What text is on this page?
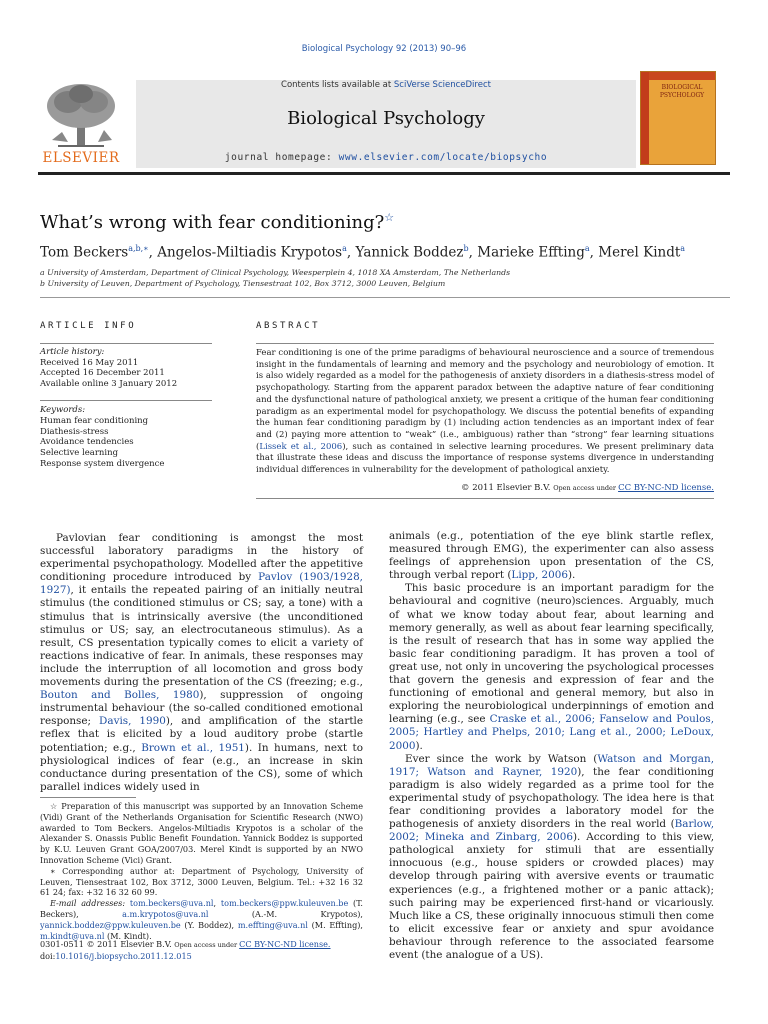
Biological Psychology 92 (2013) 90–96
ELSEVIER
Contents lists available at SciVerse ScienceDirect
Biological Psychology
journal homepage: www.elsevier.com/locate/biopsycho
BIOLOGICAL PSYCHOLOGY
What’s wrong with fear conditioning?☆
Tom Beckers$^{a,b,∗}$, Angelos-Miltiadis Krypotos$^a$, Yannick Boddez$^b$, Marieke Effting$^a$, Merel Kindt$^a$
a University of Amsterdam, Department of Clinical Psychology, Weesperplein 4, 1018 XA Amsterdam, The Netherlands
b University of Leuven, Department of Psychology, Tiensestraat 102, Box 3712, 3000 Leuven, Belgium
ARTICLE INFO	ABSTRACT
Article history:
Received 16 May 2011
Accepted 16 December 2011
Available online 3 January 2012
Keywords:
Human fear conditioning
Diathesis-stress
Avoidance tendencies
Selective learning
Response system divergence
Fear conditioning is one of the prime paradigms of behavioural neuroscience and a source of tremendous insight in the fundamentals of learning and memory and the psychology and neurobiology of emotion. It is also widely regarded as a model for the pathogenesis of anxiety disorders in a diathesis-stress model of psychopathology. Starting from the apparent paradox between the adaptive nature of fear conditioning and the dysfunctional nature of pathological anxiety, we present a critique of the human fear conditioning paradigm as an experimental model for psychopathology. We discuss the potential benefits of expanding the human fear conditioning paradigm by (1) including action tendencies as an important index of fear and (2) paying more attention to “weak” (i.e., ambiguous) rather than “strong” fear learning situations (Lissek et al., 2006), such as contained in selective learning procedures. We present preliminary data that illustrate these ideas and discuss the importance of response systems divergence in understanding individual differences in vulnerability for the development of pathological anxiety.
© 2011 Elsevier B.V. Open access under CC BY-NC-ND license.
Pavlovian fear conditioning is amongst the most successful laboratory paradigms in the history of experimental psychopathology. Modelled after the appetitive conditioning procedure introduced by Pavlov (1903/1928, 1927), it entails the repeated pairing of an initially neutral stimulus (the conditioned stimulus or CS; say, a tone) with a stimulus that is intrinsically aversive (the unconditioned stimulus or US; say, an electrocutaneous stimulus). As a result, CS presentation typically comes to elicit a variety of reactions indicative of fear. In animals, these responses may include the interruption of all locomotion and gross body movements during the presentation of the CS (freezing; e.g., Bouton and Bolles, 1980), suppression of ongoing instrumental behaviour (the so-called conditioned emotional response; Davis, 1990), and amplification of the startle reflex that is elicited by a loud auditory probe (startle potentiation; e.g., Brown et al., 1951). In humans, next to physiological indices of fear (e.g., an increase in skin conductance during presentation of the CS), some of which parallel indices widely used in

animals (e.g., potentiation of the eye blink startle reflex, measured through EMG), the experimenter can also assess feelings of apprehension upon presentation of the CS, through verbal report (Lipp, 2006).

This basic procedure is an important paradigm for the behavioural and cognitive (neuro)sciences. Arguably, much of what we know today about fear, about learning and memory generally, as well as about fear learning specifically, is the result of research that has in some way applied the basic fear conditioning paradigm. It has proven a tool of great use, not only in uncovering the psychological processes that govern the genesis and expression of fear and the functioning of emotional and general memory, but also in exploring the neurobiological underpinnings of emotion and learning (e.g., see Craske et al., 2006; Fanselow and Poulos, 2005; Hartley and Phelps, 2010; Lang et al., 2000; LeDoux, 2000).

Ever since the work by Watson (Watson and Morgan, 1917; Watson and Rayner, 1920), the fear conditioning paradigm is also widely regarded as a prime tool for the experimental study of psychopathology. The idea here is that fear conditioning provides a laboratory model for the pathogenesis of anxiety disorders in the real world (Barlow, 2002; Mineka and Zinbarg, 2006). According to this view, pathological anxiety for stimuli that are essentially innocuous (e.g., house spiders or crowded places) may develop through pairing with aversive events or traumatic experiences (e.g., a frightened mother or a panic attack); such pairing may be experienced first-hand or vicariously. Much like a CS, these originally innocuous stimuli then come to elicit excessive fear or anxiety and spur avoidance behaviour through reference to the associated fearsome event (the analogue of a US).

☆ Preparation of this manuscript was supported by an Innovation Scheme (Vidi) Grant of the Netherlands Organisation for Scientific Research (NWO) awarded to Tom Beckers. Angelos-Miltiadis Krypotos is a scholar of the Alexander S. Onassis Public Benefit Foundation. Yannick Boddez is supported by K.U. Leuven Grant GOA/2007/03. Merel Kindt is supported by an NWO Innovation Scheme (Vici) Grant.

∗ Corresponding author at: Department of Psychology, University of Leuven, Tiensestraat 102, Box 3712, 3000 Leuven, Belgium. Tel.: +32 16 32 61 24; fax: +32 16 32 60 99.

E-mail addresses: tom.beckers@uva.nl, tom.beckers@ppw.kuleuven.be (T. Beckers), a.m.krypotos@uva.nl (A.-M. Krypotos), yannick.boddez@ppw.kuleuven.be (Y. Boddez), m.effting@uva.nl (M. Effting), m.kindt@uva.nl (M. Kindt).

0301-0511 © 2011 Elsevier B.V. Open access under CC BY-NC-ND license.
doi:10.1016/j.biopsycho.2011.12.015
